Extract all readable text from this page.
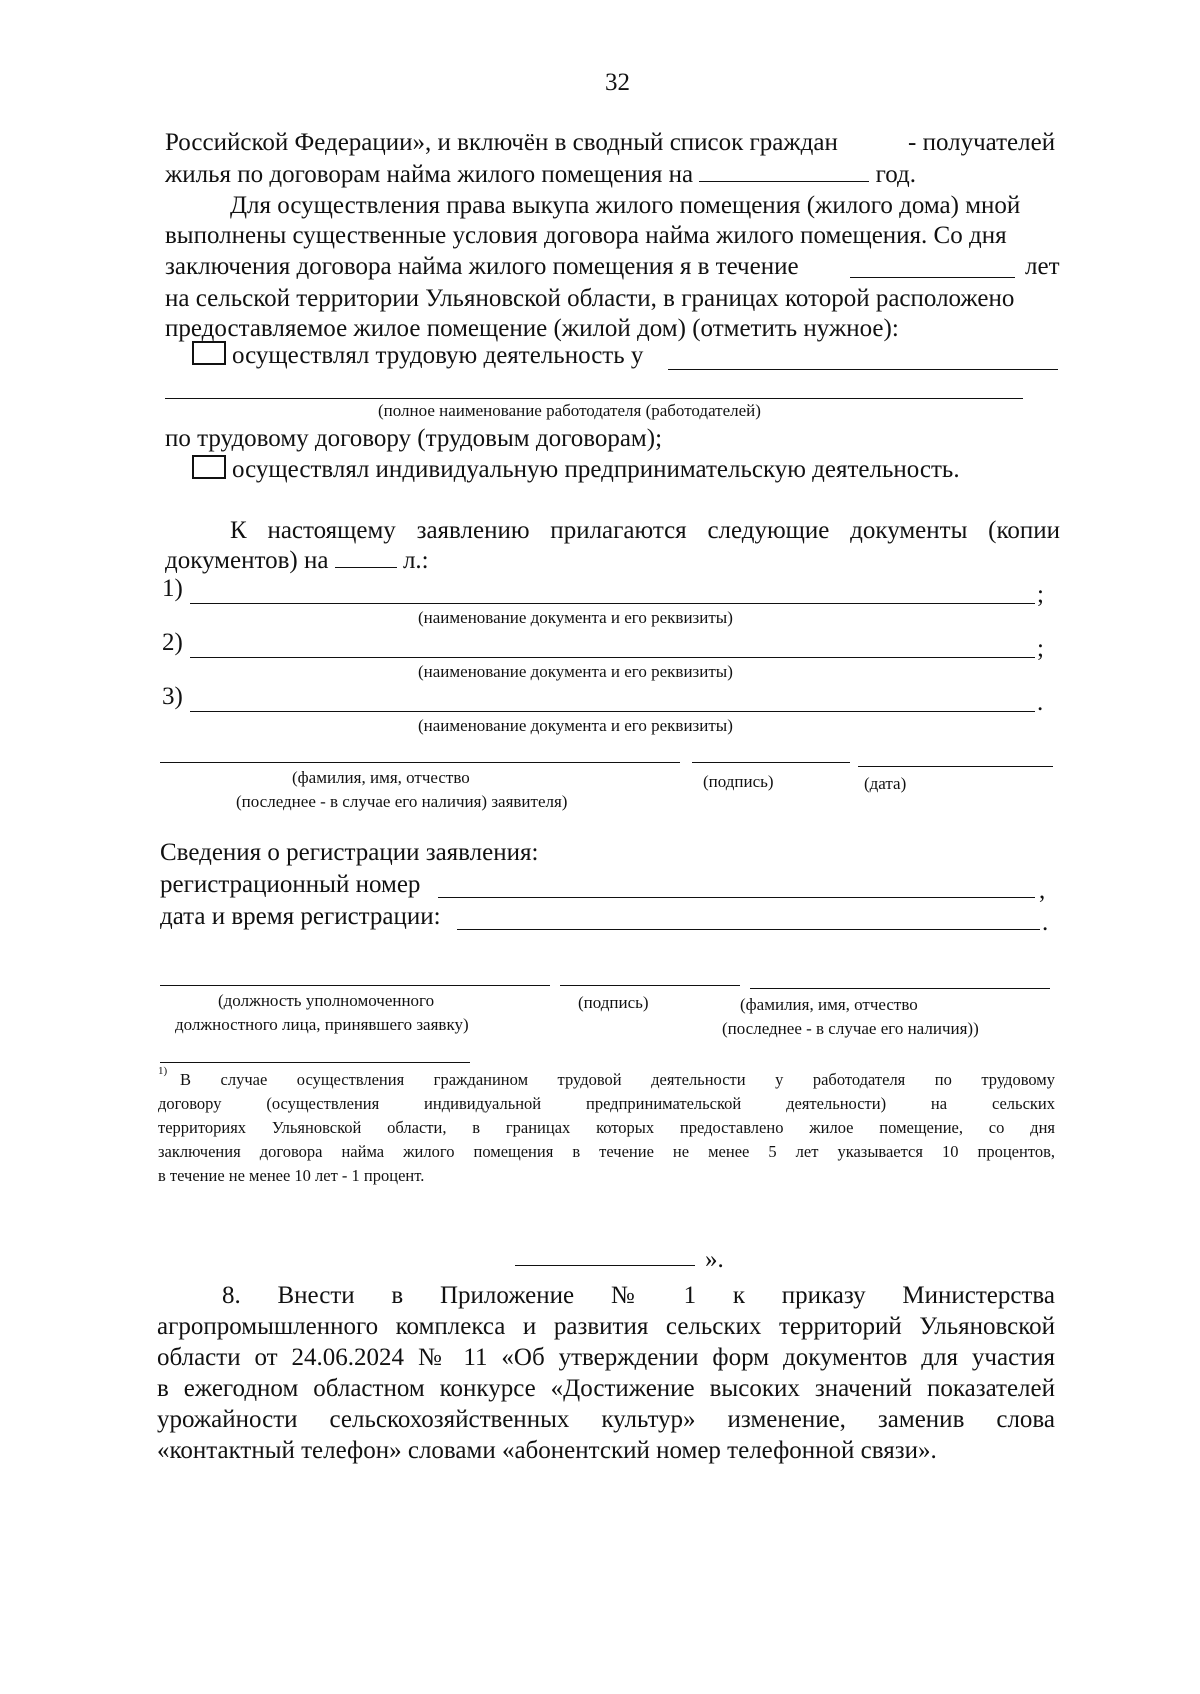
32
Российской Федерации», и включён в сводный список граждан	- получателей
жилья по договорам найма жилого помещения на	год.
Для осуществления права выкупа жилого помещения (жилого дома) мной
выполнены существенные условия договора найма жилого помещения. Со дня
заключения договора найма жилого помещения я в течение	лет
на сельской территории Ульяновской области, в границах которой расположено
предоставляемое жилое помещение (жилой дом) (отметить нужное):
осуществлял трудовую деятельность у
(полное наименование работодателя (работодателей)
по трудовому договору (трудовым договорам);
осуществлял индивидуальную предпринимательскую деятельность.
К настоящему заявлению прилагаются следующие документы (копии
документов) на	л.:
1)	;
(наименование документа и его реквизиты)
2)	;
(наименование документа и его реквизиты)
3)	.
(наименование документа и его реквизиты)
(фамилия, имя, отчество
(последнее - в случае его наличия) заявителя)
(подпись)	(дата)
Сведения о регистрации заявления:
регистрационный номер	,
дата и время регистрации:	.
(должность уполномоченного
должностного лица, принявшего заявку)
(подпись)	(фамилия, имя, отчество
(последнее - в случае его наличия))
1) В случае осуществления гражданином трудовой деятельности у работодателя по трудовому
договору (осуществления индивидуальной предпринимательской деятельности) на сельских
территориях Ульяновской области, в границах которых предоставлено жилое помещение, со дня
заключения договора найма жилого помещения в течение не менее 5 лет указывается 10 процентов,
в течение не менее 10 лет - 1 процент.
».
8.  Внести  в  Приложение  №  1  к  приказу  Министерства
агропромышленного комплекса и развития сельских территорий Ульяновской
области от 24.06.2024 № 11 «Об утверждении форм документов для участия
в ежегодном областном конкурсе «Достижение высоких значений показателей
урожайности сельскохозяйственных культур» изменение, заменив слова
«контактный телефон» словами «абонентский номер телефонной связи».
